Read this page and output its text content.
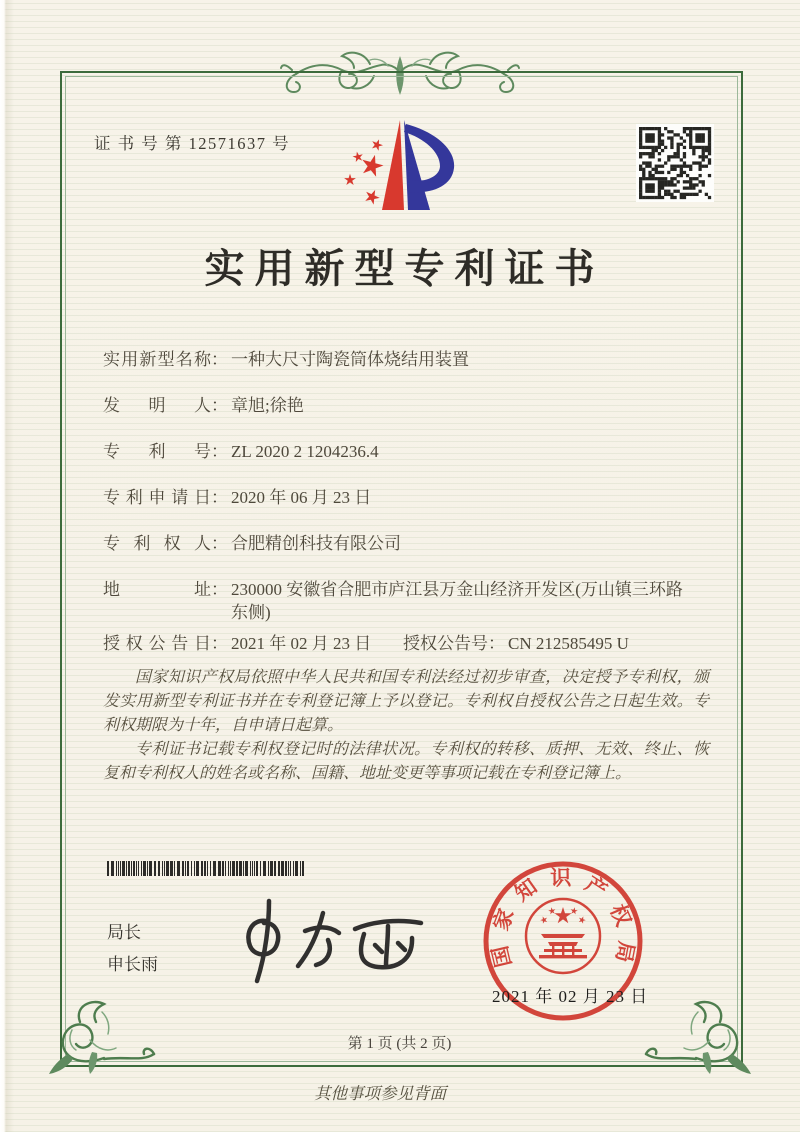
证 书 号 第 12571637 号
实用新型专利证书
实用新型名称 ： 一种大尺寸陶瓷筒体烧结用装置
发明人 ： 章旭;徐艳
专利号 ： ZL 2020 2 1204236.4
专利申请日 ： 2020 年 06 月 23 日
专利权人 ： 合肥精创科技有限公司
地址 ： 230000 安徽省合肥市庐江县万金山经济开发区(万山镇三环路东侧)
授权公告日 ： 2021 年 02 月 23 日	授权公告号 ： CN 212585495 U

国家知识产权局依照中华人民共和国专利法经过初步审查，决定授予专利权，颁发实用新型专利证书并在专利登记簿上予以登记。专利权自授权公告之日起生效。专利权期限为十年，自申请日起算。

专利证书记载专利权登记时的法律状况。专利权的转移、质押、无效、终止、恢复和专利权人的姓名或名称、国籍、地址变更等事项记载在专利登记簿上。

局长
申长雨	国家知识产权局
2021 年 02 月 23 日
第 1 页 (共 2 页)
其他事项参见背面
